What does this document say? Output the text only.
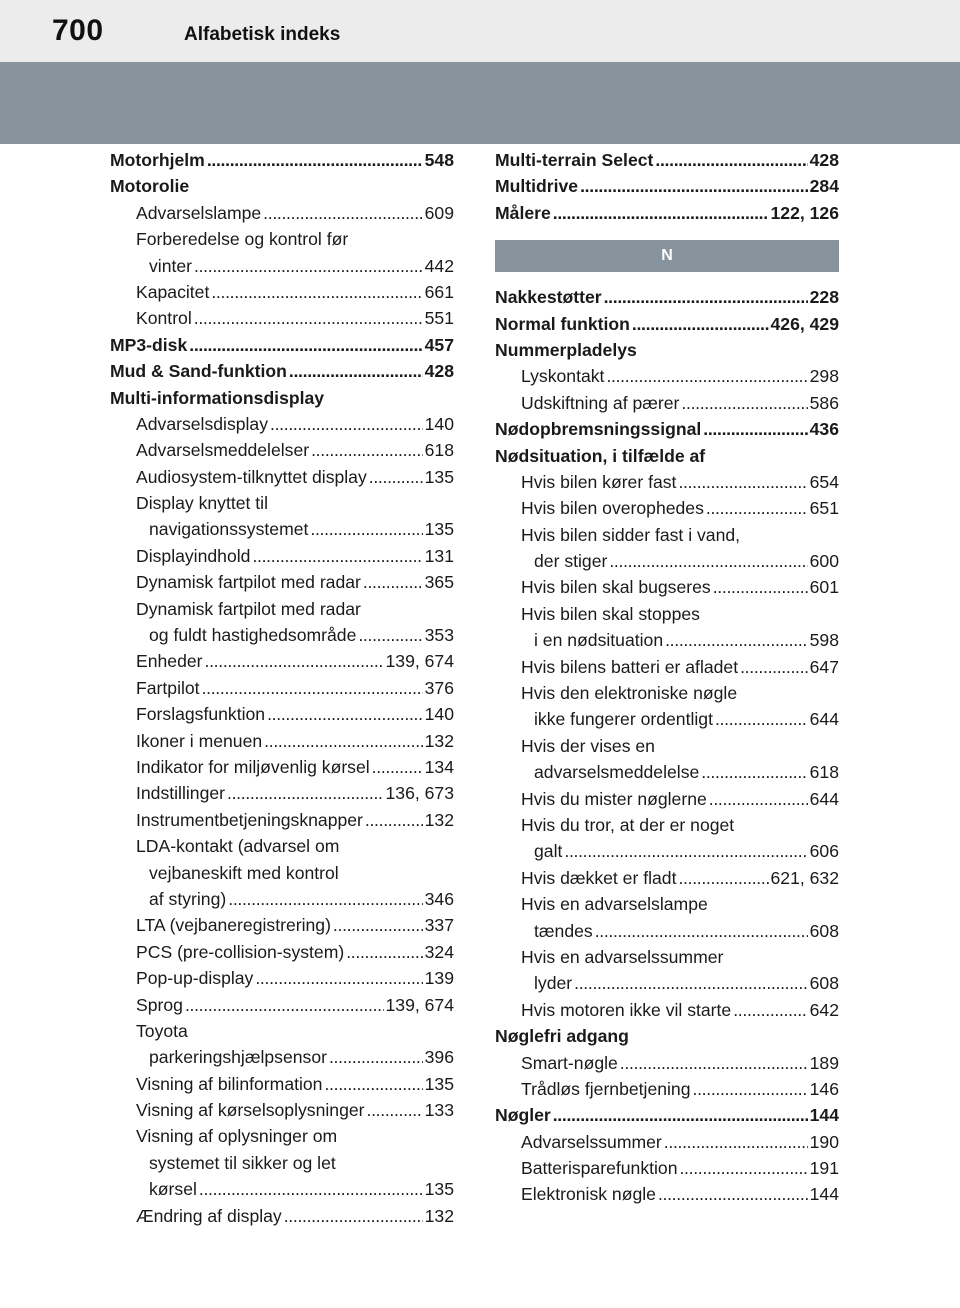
700	Alfabetisk indeks
Motorhjelm . . .	548
Motorolie
Advarselslampe . . .	609
Forberedelse og kontrol før
vinter . . .	442
Kapacitet . . .	661
Kontrol . . .	551
MP3-disk . . .	457
Mud & Sand-funktion . . .	428
Multi-informationsdisplay
Advarselsdisplay . . .	140
Advarselsmeddelelser . . .	618
Audiosystem-tilknyttet display . . .	135
Display knyttet til
navigationssystemet . . .	135
Displayindhold . . .	131
Dynamisk fartpilot med radar . . .	365
Dynamisk fartpilot med radar
og fuldt hastighedsområde . . .	353
Enheder . . .	139, 674
Fartpilot . . .	376
Forslagsfunktion . . .	140
Ikoner i menuen . . .	132
Indikator for miljøvenlig kørsel . . .	134
Indstillinger . . .	136, 673
Instrumentbetjeningsknapper . . .	132
LDA-kontakt (advarsel om
vejbaneskift med kontrol
af styring) . . .	346
LTA (vejbaneregistrering) . . .	337
PCS (pre-collision-system) . . .	324
Pop-up-display . . .	139
Sprog . . .	139, 674
Toyota
parkeringshjælpsensor . . .	396
Visning af bilinformation . . .	135
Visning af kørselsoplysninger . . .	133
Visning af oplysninger om
systemet til sikker og let
kørsel . . .	135
Ændring af display . . .	132
Multi-terrain Select . . .	428
Multidrive . . .	284
Målere . . .	122, 126
N
Nakkestøtter . . .	228
Normal funktion . . .	426, 429
Nummerpladelys
Lyskontakt . . .	298
Udskiftning af pærer . . .	586
Nødopbremsningssignal . . .	436
Nødsituation, i tilfælde af
Hvis bilen kører fast . . .	654
Hvis bilen overophedes . . .	651
Hvis bilen sidder fast i vand,
der stiger . . .	600
Hvis bilen skal bugseres . . .	601
Hvis bilen skal stoppes
i en nødsituation . . .	598
Hvis bilens batteri er afladet . . .	647
Hvis den elektroniske nøgle
ikke fungerer ordentligt . . .	644
Hvis der vises en
advarselsmeddelelse . . .	618
Hvis du mister nøglerne . . .	644
Hvis du tror, at der er noget
galt . . .	606
Hvis dækket er fladt . . .	621, 632
Hvis en advarselslampe
tændes . . .	608
Hvis en advarselssummer
lyder . . .	608
Hvis motoren ikke vil starte . . .	642
Nøglefri adgang
Smart-nøgle . . .	189
Trådløs fjernbetjening . . .	146
Nøgler . . .	144
Advarselssummer . . .	190
Batterisparefunktion . . .	191
Elektronisk nøgle . . .	144
